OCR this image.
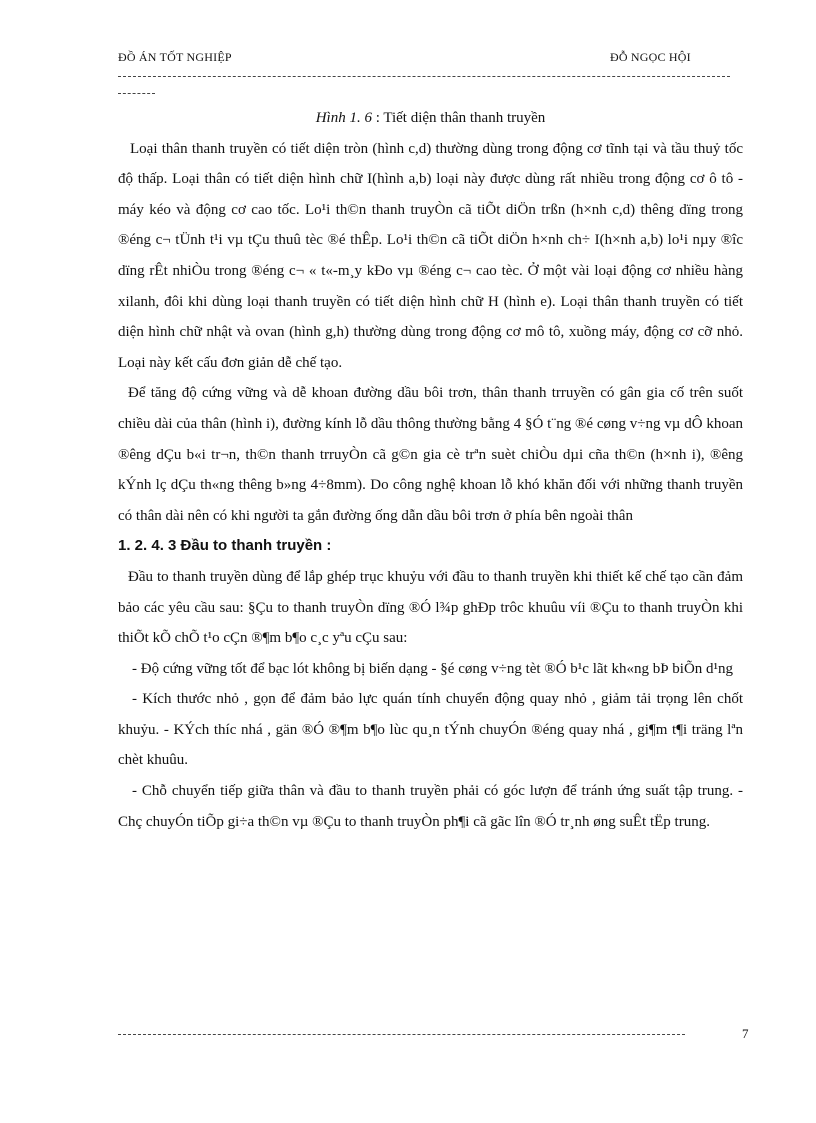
ĐỒ ÁN TỐT NGHIỆP	ĐỖ NGỌC HỘI

Hình 1. 6 : Tiết diện thân thanh truyền

Loại thân thanh truyền có tiết diện tròn (hình c,d) thường dùng trong động cơ tĩnh tại và tầu thuỷ tốc độ thấp. Loại thân có tiết diện hình chữ I(hình a,b) loại này được dùng rất nhiều trong động cơ ô tô - máy kéo và động cơ cao tốc. Lo¹i th©n thanh truyÒn cã tiÕt diÖn trßn (h×nh c,d) thêng dïng trong ®éng c¬ tÜnh t¹i vµ tÇu thuû tèc ®é thÊp. Lo¹i th©n cã tiÕt diÖn h×nh ch÷ I(h×nh a,b) lo¹i nµy ®îc dïng rÊt nhiÒu trong ®éng c¬ « t«-m¸y kÐo vµ ®éng c¬ cao tèc. Ở một vài loại động cơ nhiều hàng xilanh, đôi khi dùng loại thanh truyền có tiết diện hình chữ H (hình e). Loại thân thanh truyền có tiết diện hình chữ nhật và ovan (hình g,h) thường dùng trong động cơ mô tô, xuồng máy, động cơ cỡ nhỏ. Loại này kết cấu đơn giản dễ chế tạo.

Để tăng độ cứng vững và dễ khoan đường dầu bôi trơn, thân thanh trruyền có gân gia cố trên suốt chiều dài của thân (hình i), đường kính lỗ dầu thông thường bằng 4 §Ó t¨ng ®é cøng v÷ng vµ dÔ khoan ®êng dÇu b«i tr¬n, th©n thanh trruyÒn cã g©n gia cè trªn suèt chiÒu dµi cña th©n (h×nh i), ®êng kÝnh lç dÇu th«ng thêng b»ng 4÷8mm). Do công nghệ khoan lỗ khó khăn đối với những thanh truyền có thân dài nên có khi người ta gắn đường ống dẫn dầu bôi trơn ở phía bên ngoài thân

1. 2. 4. 3 Đầu to thanh truyền :

Đầu to thanh truyền dùng để lắp ghép trục khuỷu với đầu to thanh truyền khi thiết kế chế tạo cần đảm bảo các yêu cầu sau: §Çu to thanh truyÒn dïng ®Ó l¾p ghÐp trôc khuûu víi ®Çu to thanh truyÒn khi thiÕt kÕ chÕ t¹o cÇn ®¶m b¶o c¸c yªu cÇu sau:

- Độ cứng vững tốt để bạc lót không bị biến dạng - §é cøng v÷ng tèt ®Ó b¹c lãt kh«ng bÞ biÕn d¹ng

- Kích thước nhỏ , gọn để đảm bảo lực quán tính chuyển động quay nhỏ , giảm tải trọng lên chốt khuỷu. - KÝch thíc nhá , gän ®Ó ®¶m b¶o lùc qu¸n tÝnh chuyÓn ®éng quay nhá , gi¶m t¶i träng lªn chèt khuûu.

- Chỗ chuyển tiếp giữa thân và đầu to thanh truyền phải có góc lượn để tránh ứng suất tập trung. - Chç chuyÓn tiÕp gi÷a th©n vµ ®Çu to thanh truyÒn ph¶i cã gãc lîn ®Ó tr¸nh øng suÊt tËp trung.

7
